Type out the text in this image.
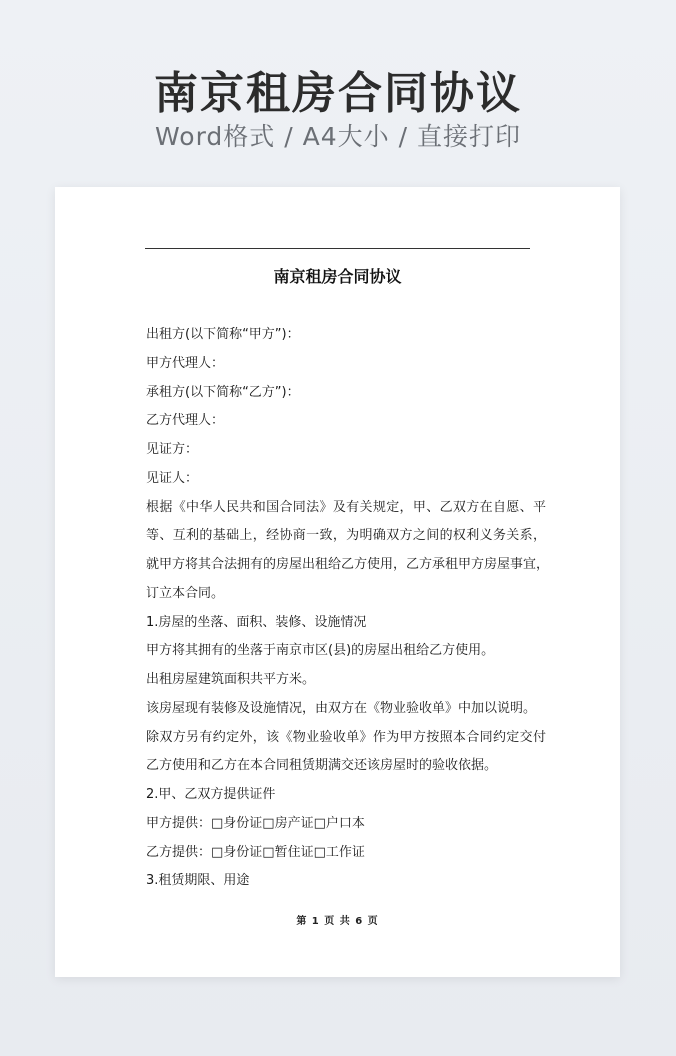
南京租房合同协议
Word格式 / A4大小 / 直接打印
南京租房合同协议
出租方(以下简称“甲方”)：
甲方代理人：
承租方(以下简称“乙方”)：
乙方代理人：
见证方：
见证人：
根据《中华人民共和国合同法》及有关规定，甲、乙双方在自愿、平
等、互利的基础上，经协商一致，为明确双方之间的权利义务关系，
就甲方将其合法拥有的房屋出租给乙方使用，乙方承租甲方房屋事宜，
订立本合同。
1.房屋的坐落、面积、装修、设施情况
甲方将其拥有的坐落于南京市区(县)的房屋出租给乙方使用。
出租房屋建筑面积共平方米。
该房屋现有装修及设施情况，由双方在《物业验收单》中加以说明。
除双方另有约定外，该《物业验收单》作为甲方按照本合同约定交付
乙方使用和乙方在本合同租赁期满交还该房屋时的验收依据。
2.甲、乙双方提供证件
甲方提供：□身份证□房产证□户口本
乙方提供：□身份证□暂住证□工作证
3.租赁期限、用途
第 1 页 共 6 页
